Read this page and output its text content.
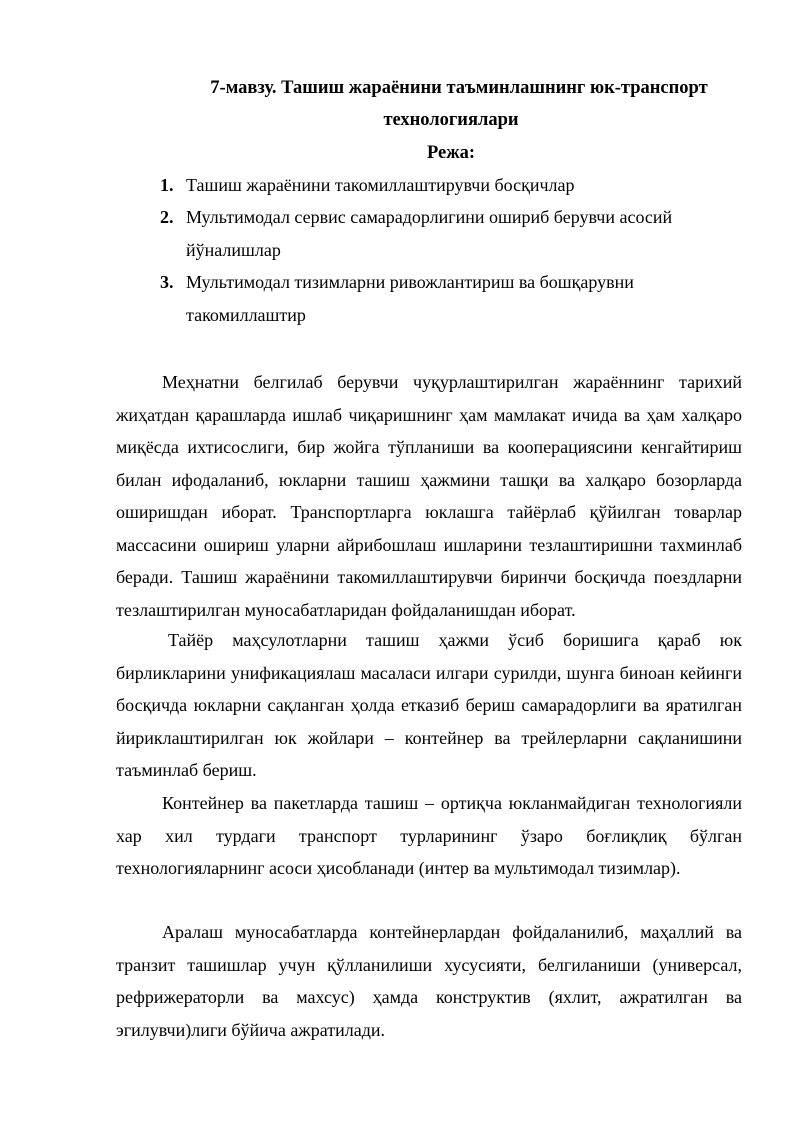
7-мавзу. Ташиш жараёнини таъминлашнинг юк-транспорт
технологиялари
Режа:
1. Ташиш жараёнини такомиллаштирувчи босқичлар
2. Мультимодал сервис самарадорлигини ошириб берувчи асосий йўналишлар
3. Мультимодал тизимларни ривожлантириш ва бошқарувни такомиллаштир

Меҳнатни белгилаб берувчи чуқурлаштирилган жараённинг тарихий жиҳатдан қарашларда ишлаб чиқаришнинг ҳам мамлакат ичида ва ҳам халқаро миқёсда ихтисослиги, бир жойга тўпланиши ва кооперациясини кенгайтириш билан ифодаланиб, юкларни ташиш ҳажмини ташқи ва халқаро бозорларда оширишдан иборат. Транспортларга юклашга тайёрлаб қўйилган товарлар массасини ошириш уларни айрибошлаш ишларини тезлаштиришни тахминлаб беради. Ташиш жараёнини такомиллаштирувчи биринчи босқичда поездларни тезлаштирилган муносабатларидан фойдаланишдан иборат.

Тайёр маҳсулотларни ташиш ҳажми ўсиб боришига қараб юк бирликларини унификациялаш масаласи илгари сурилди, шунга биноан кейинги босқичда юкларни сақланган ҳолда етказиб бериш самарадорлиги ва яратилган йириклаштирилган юк жойлари – контейнер ва трейлерларни сақланишини таъминлаб бериш.

Контейнер ва пакетларда ташиш – ортиқча юкланмайдиган технологияли хар хил турдаги транспорт турларининг ўзаро боғлиқлиқ бўлган технологияларнинг асоси ҳисобланади (интер ва мультимодал тизимлар).

Аралаш муносабатларда контейнерлардан фойдаланилиб, маҳаллий ва транзит ташишлар учун қўлланилиши хусусияти, белгиланиши (универсал, рефрижераторли ва махсус) ҳамда конструктив (яхлит, ажратилган ва эгилувчи)лиги бўйича ажратилади.
